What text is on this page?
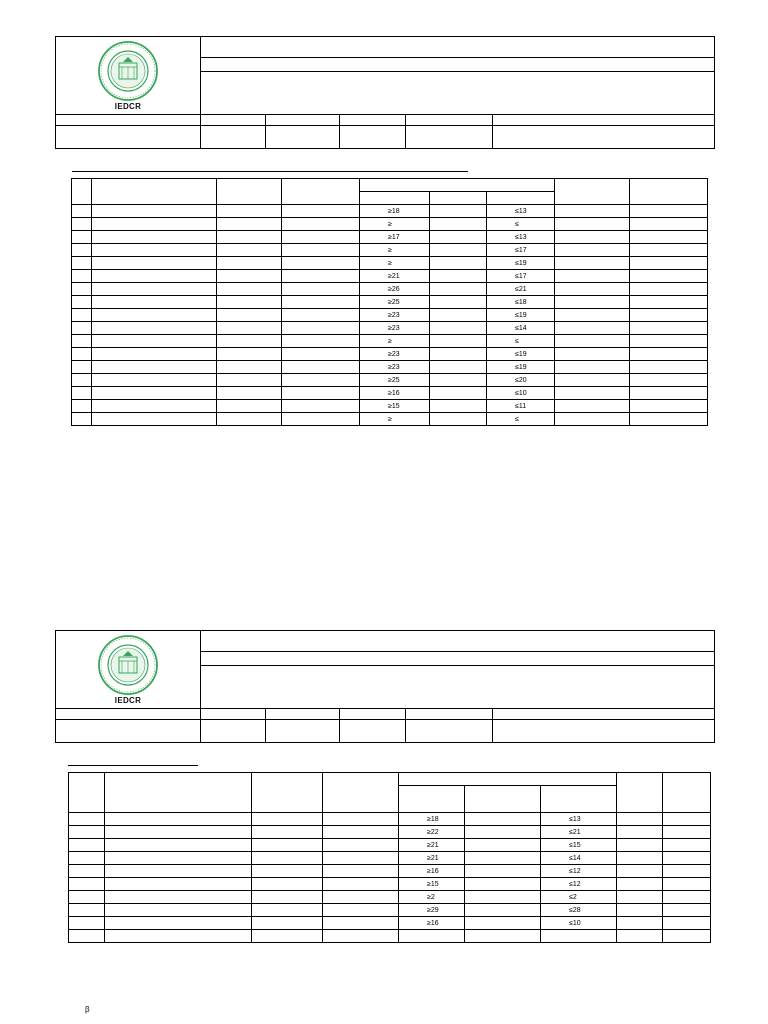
IEDCR					

				≥18		≤13		
				≥		≤		
				≥17		≤13		
				≥		≤17		
				≥		≤19		
				≥21		≤17		
				≥26		≤21		
				≥25		≤18		
				≥23		≤19		
				≥23		≤14		
				≥		≤		
				≥23		≤19		
				≥23		≤19		
				≥25		≤20		
				≥16		≤10		
				≥15		≤11		
				≥		≤		
IEDCR					

				≥18		≤13		
				≥22		≤21		
				≥21		≤15		
				≥21		≤14		
				≥16		≤12		
				≥15		≤12		
				≥2		≤2		
				≥29		≤28		
				≥16		≤10		

β
